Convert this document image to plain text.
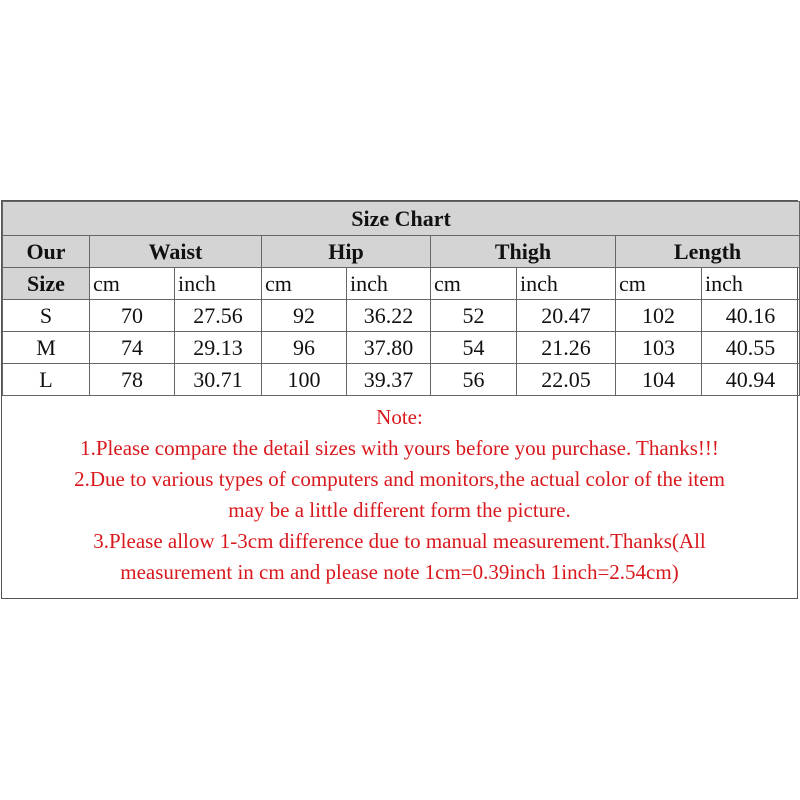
Size Chart								
Our	Waist		Hip		Thigh		Length	
Size	cm	inch	cm	inch	cm	inch	cm	inch
S	70	27.56	92	36.22	52	20.47	102	40.16
M	74	29.13	96	37.80	54	21.26	103	40.55
L	78	30.71	100	39.37	56	22.05	104	40.94
Note:
1.Please compare the detail sizes with yours before you purchase. Thanks!!!
2.Due to various types of computers and monitors,the actual color of the item
may be a little different form the picture.
3.Please allow 1-3cm difference due to manual measurement.Thanks(All
measurement in cm and please note 1cm=0.39inch 1inch=2.54cm)
